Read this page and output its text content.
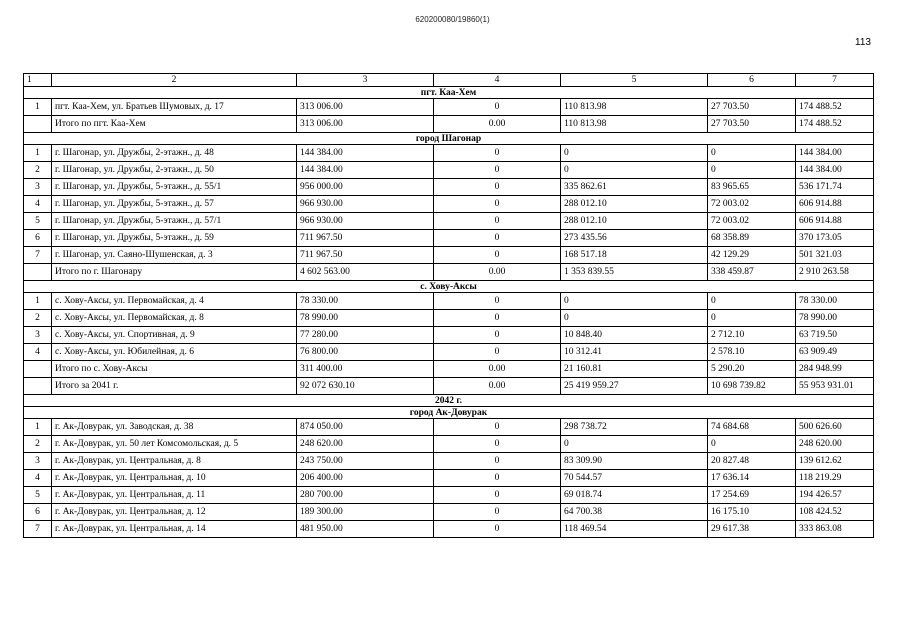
620200080/19860(1)
113
1	2	3	4	5	6	7
пгт. Каа-Хем						
1	пгт. Каа-Хем, ул. Братьев Шумовых, д. 17	313 006.00	0	110 813.98	27 703.50	174 488.52
	Итого по пгт. Каа-Хем	313 006.00	0.00	110 813.98	27 703.50	174 488.52
город Шагонар						
1	г. Шагонар, ул. Дружбы, 2-этажн., д. 48	144 384.00	0	0	0	144 384.00
2	г. Шагонар, ул. Дружбы, 2-этажн., д. 50	144 384.00	0	0	0	144 384.00
3	г. Шагонар, ул. Дружбы, 5-этажн., д. 55/1	956 000.00	0	335 862.61	83 965.65	536 171.74
4	г. Шагонар, ул. Дружбы, 5-этажн., д. 57	966 930.00	0	288 012.10	72 003.02	606 914.88
5	г. Шагонар, ул. Дружбы, 5-этажн., д. 57/1	966 930.00	0	288 012.10	72 003.02	606 914.88
6	г. Шагонар, ул. Дружбы, 5-этажн., д. 59	711 967.50	0	273 435.56	68 358.89	370 173.05
7	г. Шагонар, ул. Саяно-Шушенская, д. 3	711 967.50	0	168 517.18	42 129.29	501 321.03
	Итого по г. Шагонару	4 602 563.00	0.00	1 353 839.55	338 459.87	2 910 263.58
с. Хову-Аксы						
1	с. Хову-Аксы, ул. Первомайская, д. 4	78 330.00	0	0	0	78 330.00
2	с. Хову-Аксы, ул. Первомайская, д. 8	78 990.00	0	0	0	78 990.00
3	с. Хову-Аксы, ул. Спортивная, д. 9	77 280.00	0	10 848.40	2 712.10	63 719.50
4	с. Хову-Аксы, ул. Юбилейная, д. 6	76 800.00	0	10 312.41	2 578.10	63 909.49
	Итого по с. Хову-Аксы	311 400.00	0.00	21 160.81	5 290.20	284 948.99
	Итого за 2041 г.	92 072 630.10	0.00	25 419 959.27	10 698 739.82	55 953 931.01
2042 г.						
город Ак-Довурак						
1	г. Ак-Довурак, ул. Заводская, д. 38	874 050.00	0	298 738.72	74 684.68	500 626.60
2	г. Ак-Довурак, ул. 50 лет Комсомольская, д. 5	248 620.00	0	0	0	248 620.00
3	г. Ак-Довурак, ул. Центральная, д. 8	243 750.00	0	83 309.90	20 827.48	139 612.62
4	г. Ак-Довурак, ул. Центральная, д. 10	206 400.00	0	70 544.57	17 636.14	118 219.29
5	г. Ак-Довурак, ул. Центральная, д. 11	280 700.00	0	69 018.74	17 254.69	194 426.57
6	г. Ак-Довурак, ул. Центральная, д. 12	189 300.00	0	64 700.38	16 175.10	108 424.52
7	г. Ак-Довурак, ул. Центральная, д. 14	481 950.00	0	118 469.54	29 617.38	333 863.08
